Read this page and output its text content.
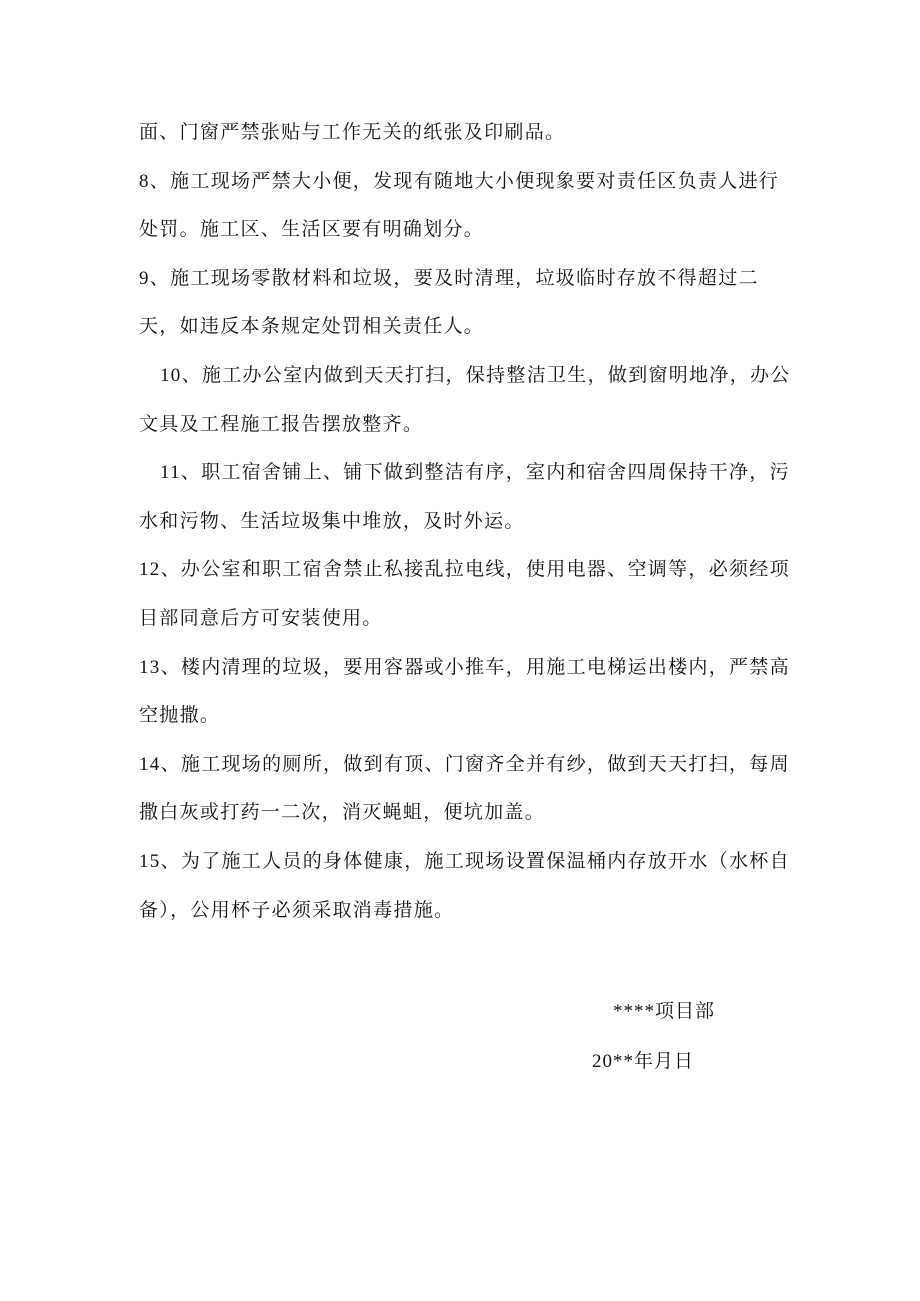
面、门窗严禁张贴与工作无关的纸张及印刷品。
8、施工现场严禁大小便，发现有随地大小便现象要对责任区负责人进行
处罚。施工区、生活区要有明确划分。
9、施工现场零散材料和垃圾，要及时清理，垃圾临时存放不得超过二
天，如违反本条规定处罚相关责任人。
10、施工办公室内做到天天打扫，保持整洁卫生，做到窗明地净，办公
文具及工程施工报告摆放整齐。
11、职工宿舍铺上、铺下做到整洁有序，室内和宿舍四周保持干净，污
水和污物、生活垃圾集中堆放，及时外运。
12、办公室和职工宿舍禁止私接乱拉电线，使用电器、空调等，必须经项
目部同意后方可安装使用。
13、楼内清理的垃圾，要用容器或小推车，用施工电梯运出楼内，严禁高
空抛撒。
14、施工现场的厕所，做到有顶、门窗齐全并有纱，做到天天打扫，每周
撒白灰或打药一二次，消灭蝇蛆，便坑加盖。
15、为了施工人员的身体健康，施工现场设置保温桶内存放开水（水杯自
备），公用杯子必须采取消毒措施。
****项目部
20**年月日
